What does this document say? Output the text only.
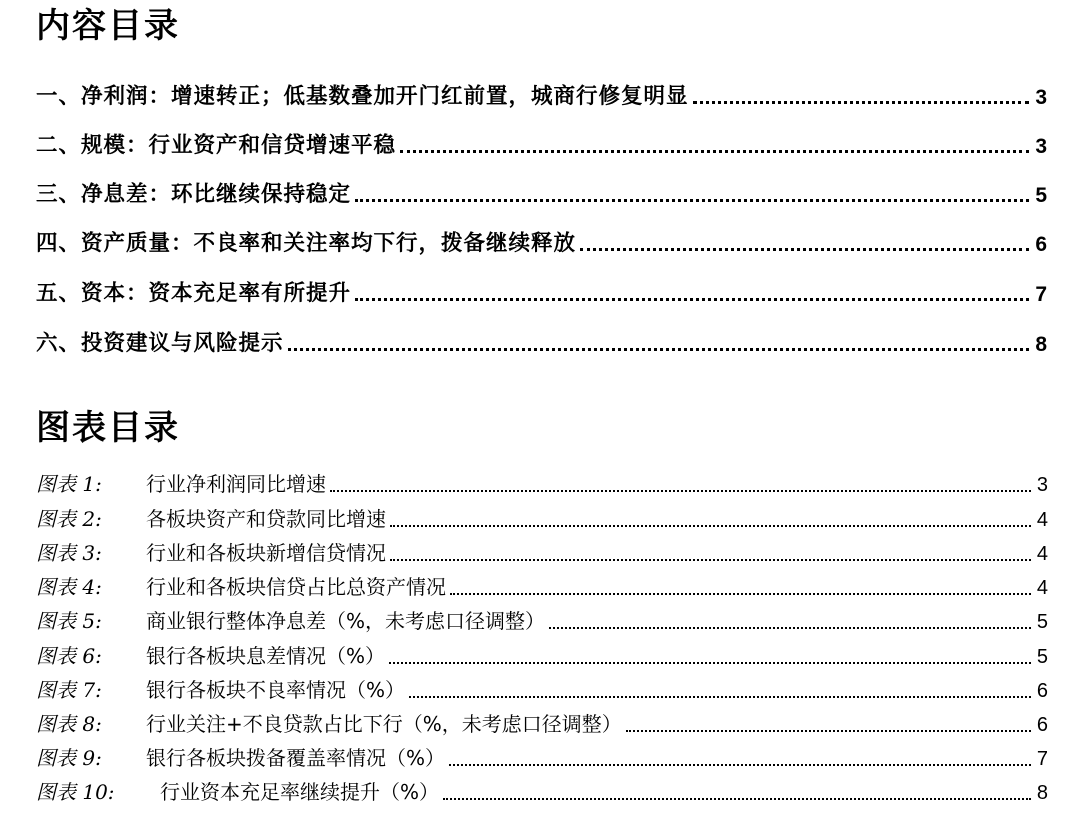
内容目录
一、净利润：增速转正；低基数叠加开门红前置，城商行修复明显	3
二、规模：行业资产和信贷增速平稳	3
三、净息差：环比继续保持稳定	5
四、资产质量：不良率和关注率均下行，拨备继续释放	6
五、资本：资本充足率有所提升	7
六、投资建议与风险提示	8
图表目录
图表 1:	行业净利润同比增速	3
图表 2:	各板块资产和贷款同比增速	4
图表 3:	行业和各板块新增信贷情况	4
图表 4:	行业和各板块信贷占比总资产情况	4
图表 5:	商业银行整体净息差（%，未考虑口径调整）	5
图表 6:	银行各板块息差情况（%）	5
图表 7:	银行各板块不良率情况（%）	6
图表 8:	行业关注+不良贷款占比下行（%，未考虑口径调整）	6
图表 9:	银行各板块拨备覆盖率情况（%）	7
图表 10:	行业资本充足率继续提升（%）	8
